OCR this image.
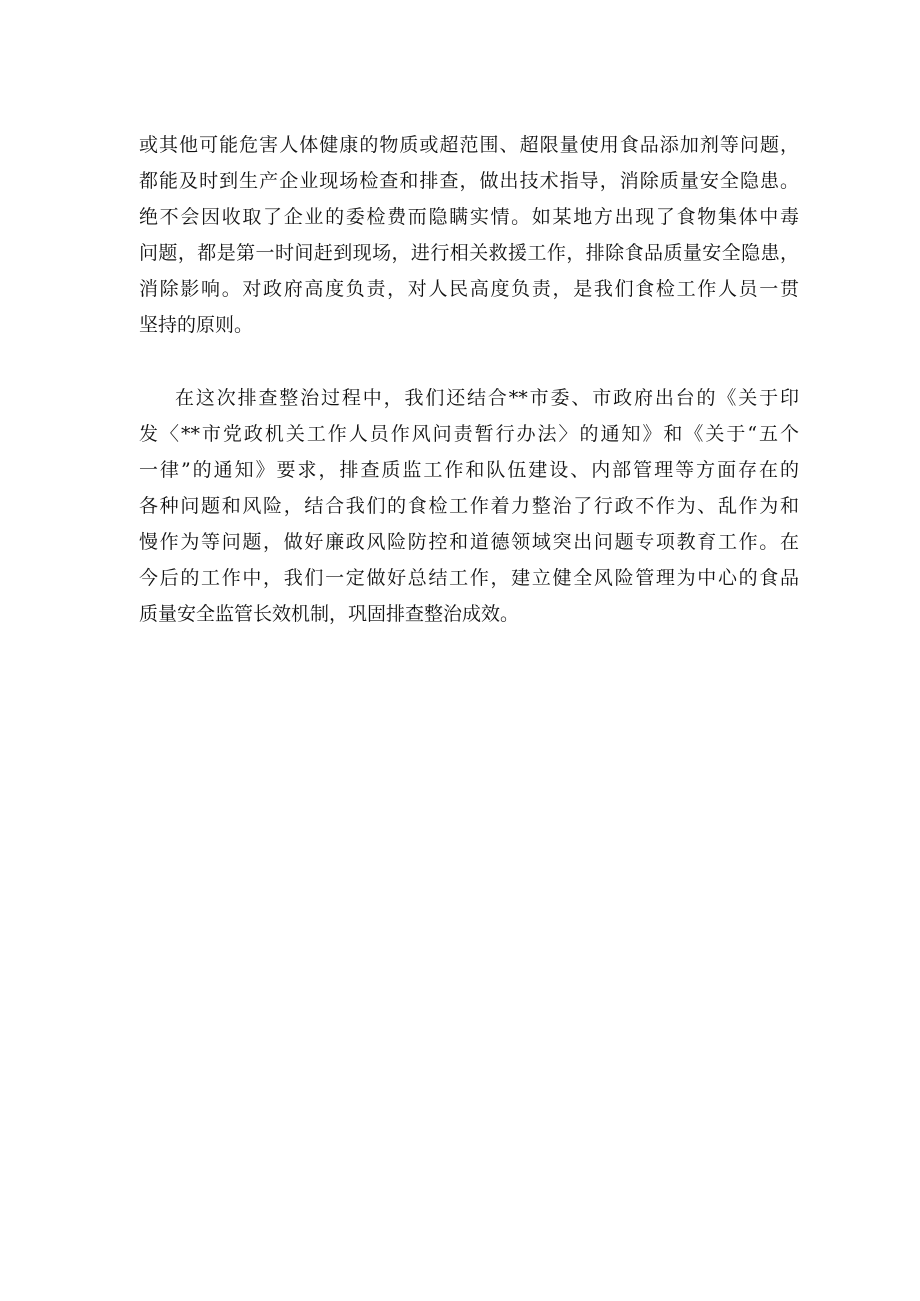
或其他可能危害人体健康的物质或超范围、超限量使用食品添加剂等问题，
都能及时到生产企业现场检查和排查，做出技术指导，消除质量安全隐患。
绝不会因收取了企业的委检费而隐瞒实情。如某地方出现了食物集体中毒
问题，都是第一时间赶到现场，进行相关救援工作，排除食品质量安全隐患，
消除影响。对政府高度负责，对人民高度负责，是我们食检工作人员一贯
坚持的原则。
在这次排查整治过程中，我们还结合**市委、市政府出台的《关于印
发〈**市党政机关工作人员作风问责暂行办法〉的通知》和《关于“五个
一律”的通知》要求，排查质监工作和队伍建设、内部管理等方面存在的
各种问题和风险，结合我们的食检工作着力整治了行政不作为、乱作为和
慢作为等问题，做好廉政风险防控和道德领域突出问题专项教育工作。在
今后的工作中，我们一定做好总结工作，建立健全风险管理为中心的食品
质量安全监管长效机制，巩固排查整治成效。
